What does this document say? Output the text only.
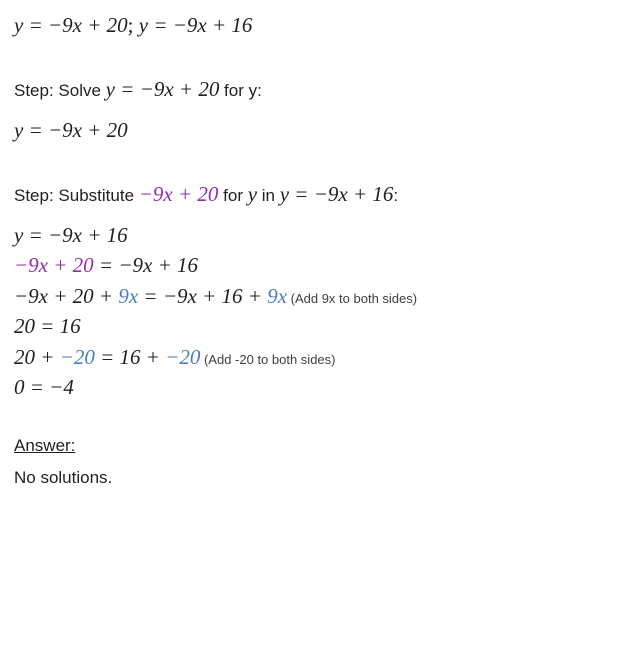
y = −9x + 20; y = −9x + 16
Step: Solve y = −9x + 20 for y:
y = −9x + 20
Step: Substitute −9x + 20 for y in y = −9x + 16:
y = −9x + 16
−9x + 20 = −9x + 16
−9x + 20 + 9x = −9x + 16 + 9x (Add 9x to both sides)
20 = 16
20 + −20 = 16 + −20 (Add -20 to both sides)
0 = −4
Answer:
No solutions.
